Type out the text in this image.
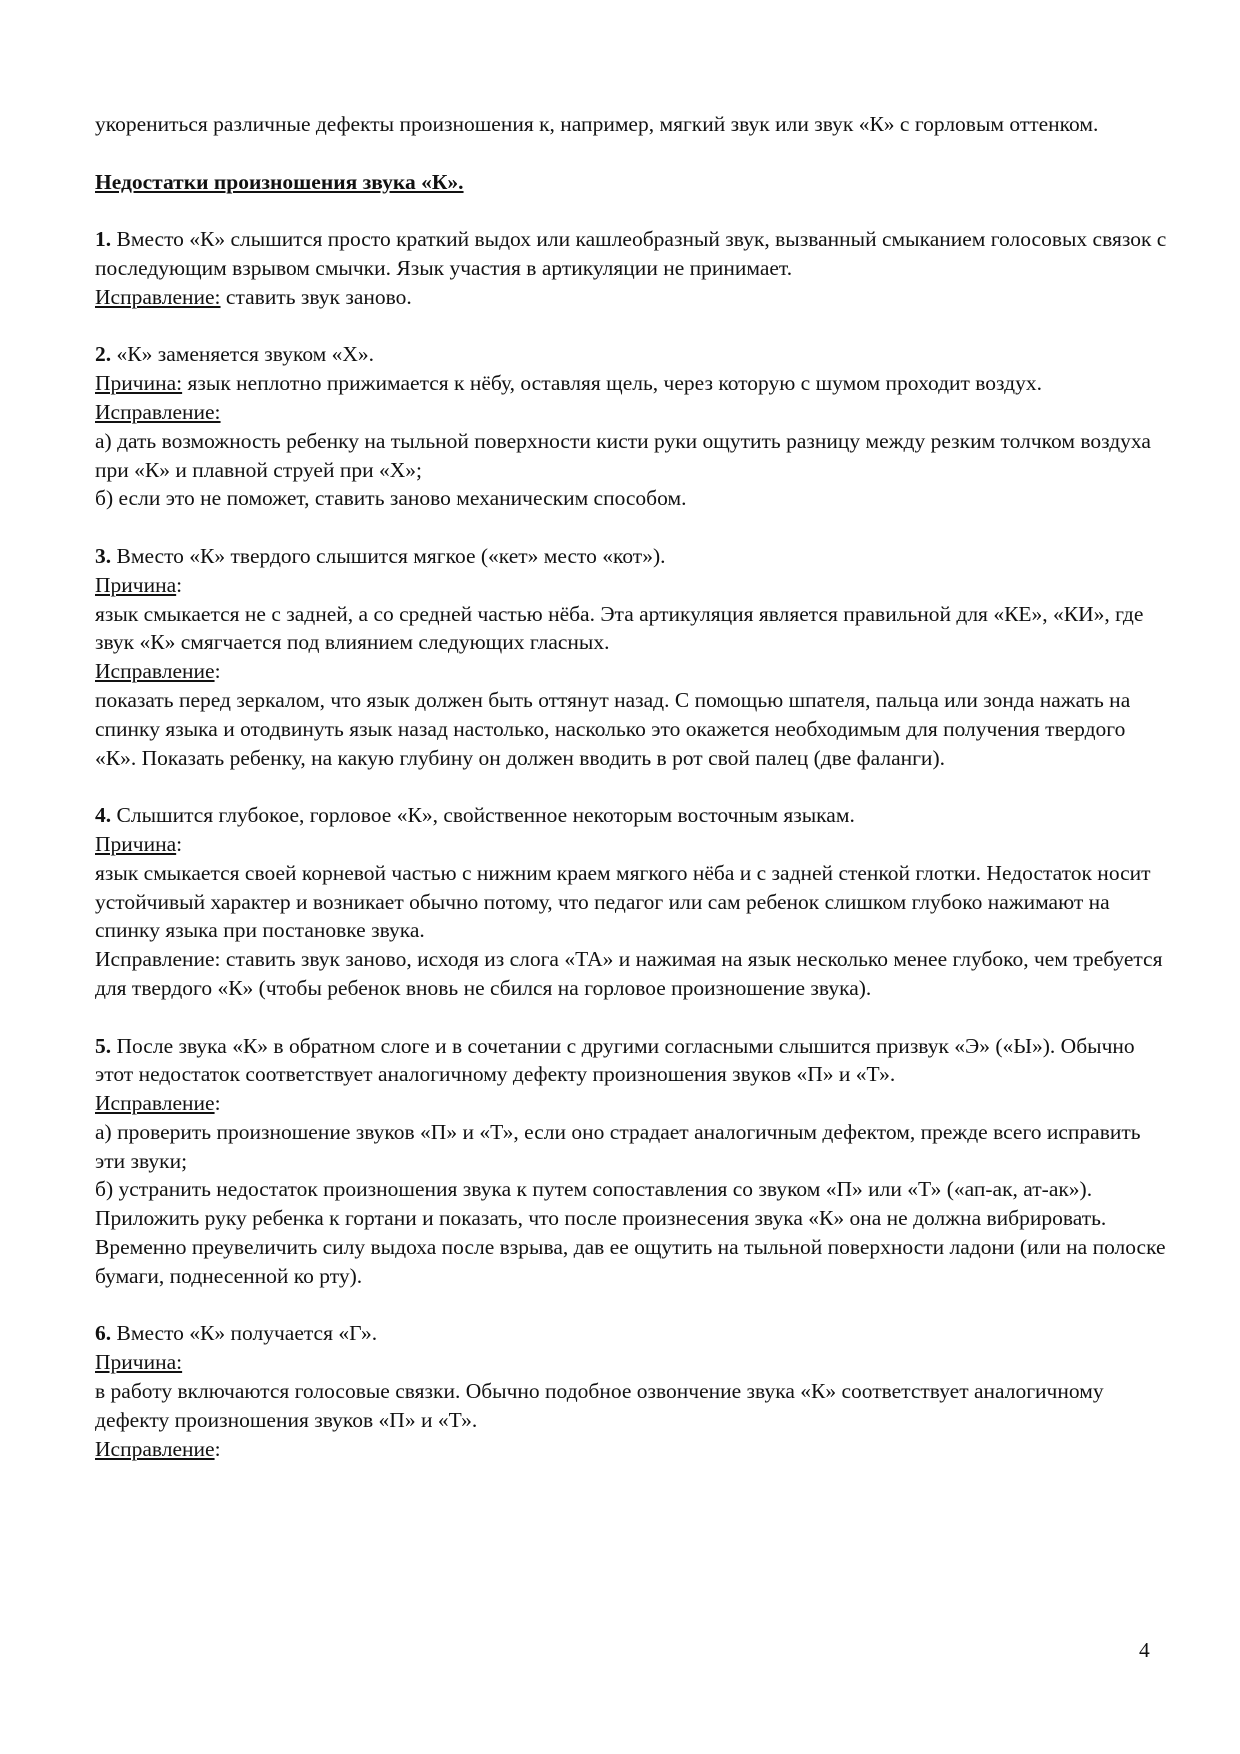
укорениться различные дефекты произношения к, например, мягкий звук или звук «К» с горловым оттенком.

Недостатки произношения звука «К».

1. Вместо «К» слышится просто краткий выдох или кашлеобразный звук, вызванный смыканием голосовых связок с последующим взрывом смычки. Язык участия в артикуляции не принимает.

Исправление: ставить звук заново.

2. «К» заменяется звуком «Х».

Причина: язык неплотно прижимается к нёбу, оставляя щель, через которую с шумом проходит воздух.

Исправление:

а) дать возможность ребенку на тыльной поверхности кисти руки ощутить разницу между резким толчком воздуха при «К» и плавной струей при «Х»;

б) если это не поможет, ставить заново механическим способом.

3. Вместо «К» твердого слышится мягкое («кет» место «кот»).

Причина:

язык смыкается не с задней, а со средней частью нёба. Эта артикуляция является правильной для «КЕ», «КИ», где звук «К» смягчается под влиянием следующих гласных.

Исправление:

показать перед зеркалом, что язык должен быть оттянут назад. С помощью шпателя, пальца или зонда нажать на спинку языка и отодвинуть язык назад настолько, насколько это окажется необходимым для получения твердого «К». Показать ребенку, на какую глубину он должен вводить в рот свой палец (две фаланги).

4. Слышится глубокое, горловое «К», свойственное некоторым восточным языкам.

Причина:

язык смыкается своей корневой частью с нижним краем мягкого нёба и с задней стенкой глотки. Недостаток носит устойчивый характер и возникает обычно потому, что педагог или сам ребенок слишком глубоко нажимают на спинку языка при постановке звука.

Исправление: ставить звук заново, исходя из слога «ТА» и нажимая на язык несколько менее глубоко, чем требуется для твердого «К» (чтобы ребенок вновь не сбился на горловое произношение звука).

5. После звука «К» в обратном слоге и в сочетании с другими согласными слышится призвук «Э» («Ы»). Обычно этот недостаток соответствует аналогичному дефекту произношения звуков «П» и «Т».

Исправление:

а) проверить произношение звуков «П» и «Т», если оно страдает аналогичным дефектом, прежде всего исправить эти звуки;

б) устранить недостаток произношения звука к путем сопоставления со звуком «П» или «Т» («ап-ак, ат-ак»). Приложить руку ребенка к гортани и показать, что после произнесения звука «К» она не должна вибрировать. Временно преувеличить силу выдоха после взрыва, дав ее ощутить на тыльной поверхности ладони (или на полоске бумаги, поднесенной ко рту).

6. Вместо «К» получается «Г».

Причина:

в работу включаются голосовые связки. Обычно подобное озвончение звука «К» соответствует аналогичному дефекту произношения звуков «П» и «Т».

Исправление:

4
